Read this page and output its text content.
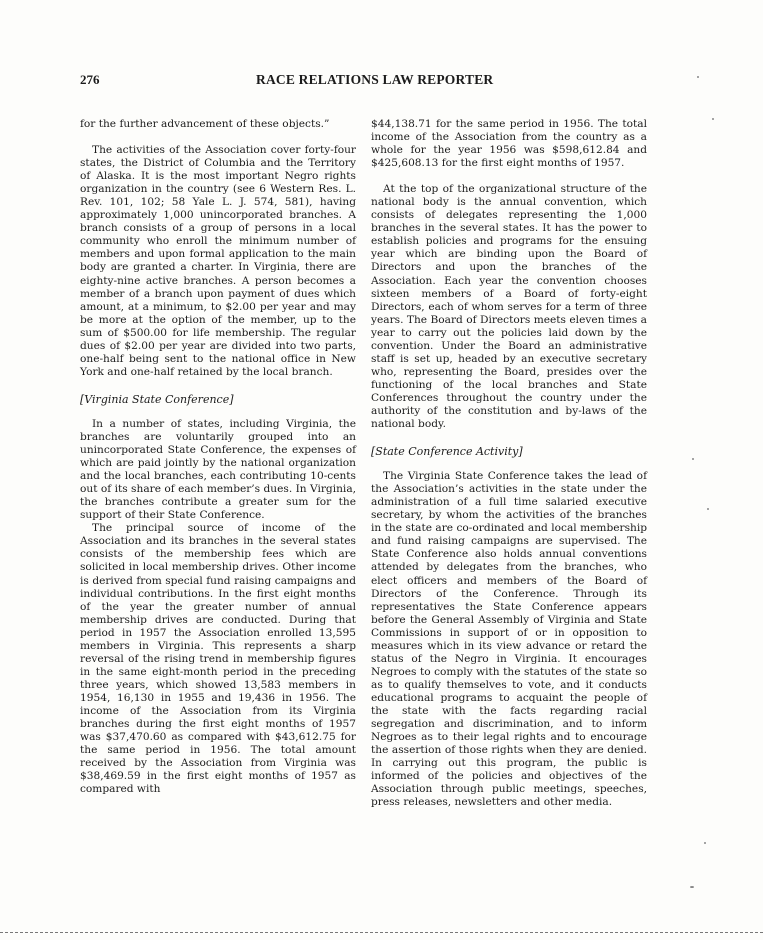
276	RACE RELATIONS LAW REPORTER

for the further advancement of these objects.”

The activities of the Association cover forty-four states, the District of Columbia and the Territory of Alaska. It is the most important Negro rights organization in the country (see 6 Western Res. L. Rev. 101, 102; 58 Yale L. J. 574, 581), having approximately 1,000 unincorporated branches. A branch consists of a group of persons in a local community who enroll the minimum number of members and upon formal application to the main body are granted a charter. In Virginia, there are eighty-nine active branches. A person becomes a member of a branch upon payment of dues which amount, at a minimum, to $2.00 per year and may be more at the option of the member, up to the sum of $500.00 for life membership. The regular dues of $2.00 per year are divided into two parts, one-half being sent to the national office in New York and one-half retained by the local branch.

[Virginia State Conference]

In a number of states, including Virginia, the branches are voluntarily grouped into an unincorporated State Conference, the expenses of which are paid jointly by the national organization and the local branches, each contributing 10-cents out of its share of each member’s dues. In Virginia, the branches contribute a greater sum for the support of their State Conference.

The principal source of income of the Association and its branches in the several states consists of the membership fees which are solicited in local membership drives. Other income is derived from special fund raising campaigns and individual contributions. In the first eight months of the year the greater number of annual membership drives are conducted. During that period in 1957 the Association enrolled 13,595 members in Virginia. This represents a sharp reversal of the rising trend in membership figures in the same eight-month period in the preceding three years, which showed 13,583 members in 1954, 16,130 in 1955 and 19,436 in 1956. The income of the Association from its Virginia branches during the first eight months of 1957 was $37,470.60 as compared with $43,612.75 for the same period in 1956. The total amount received by the Association from Virginia was $38,469.59 in the first eight months of 1957 as compared with

$44,138.71 for the same period in 1956. The total income of the Association from the country as a whole for the year 1956 was $598,612.84 and $425,608.13 for the first eight months of 1957.

At the top of the organizational structure of the national body is the annual convention, which consists of delegates representing the 1,000 branches in the several states. It has the power to establish policies and programs for the ensuing year which are binding upon the Board of Directors and upon the branches of the Association. Each year the convention chooses sixteen members of a Board of forty-eight Directors, each of whom serves for a term of three years. The Board of Directors meets eleven times a year to carry out the policies laid down by the convention. Under the Board an administrative staff is set up, headed by an executive secretary who, representing the Board, presides over the functioning of the local branches and State Conferences throughout the country under the authority of the constitution and by-laws of the national body.

[State Conference Activity]

The Virginia State Conference takes the lead of the Association’s activities in the state under the administration of a full time salaried executive secretary, by whom the activities of the branches in the state are co-ordinated and local membership and fund raising campaigns are supervised. The State Conference also holds annual conventions attended by delegates from the branches, who elect officers and members of the Board of Directors of the Conference. Through its representatives the State Conference appears before the General Assembly of Virginia and State Commissions in support of or in opposition to measures which in its view advance or retard the status of the Negro in Virginia. It encourages Negroes to comply with the statutes of the state so as to qualify themselves to vote, and it conducts educational programs to acquaint the people of the state with the facts regarding racial segregation and discrimination, and to inform Negroes as to their legal rights and to encourage the assertion of those rights when they are denied. In carrying out this program, the public is informed of the policies and objectives of the Association through public meetings, speeches, press releases, newsletters and other media.
